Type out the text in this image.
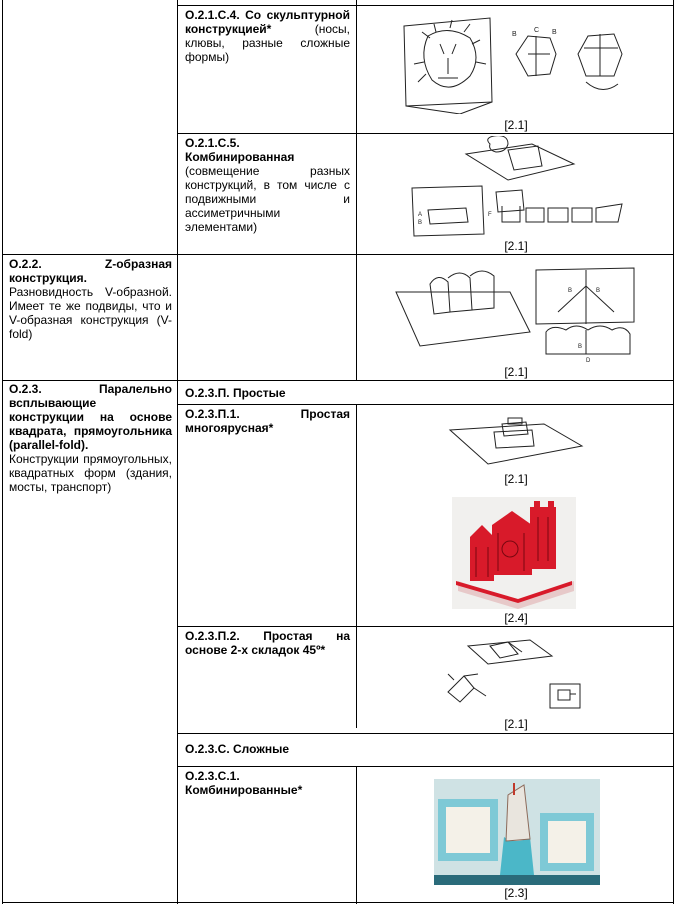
О.2.1.С.4. Со скульптурной конструкцией* (носы, клювы, разные сложные формы)
B
C B
[2.1]

О.2.1.С.5. Комбинированная

(совмещение разных конструкций, в том числе с подвижными и ассиметричными элементами)

A
B
F
[2.1]

О.2.2. Z-образная конструкция.

Разновидность V-образной. Имеет те же подвиды, что и V-образная конструкция (V-fold)

B	B
B
D
[2.1]

О.2.3. Паралельно всплывающие конструкции на основе квадрата, прямоугольника (parallel-fold).

Конструкции прямоугольных, квадратных форм (здания, мосты, транспорт)

О.2.3.П. Простые
О.2.3.П.1. Простая многоярусная*
[2.1]
[2.4]
О.2.3.П.2. Простая на основе 2-х складок 45º*
[2.1]
О.2.3.С. Сложные
О.2.3.С.1. Комбинированные*
[2.3]
